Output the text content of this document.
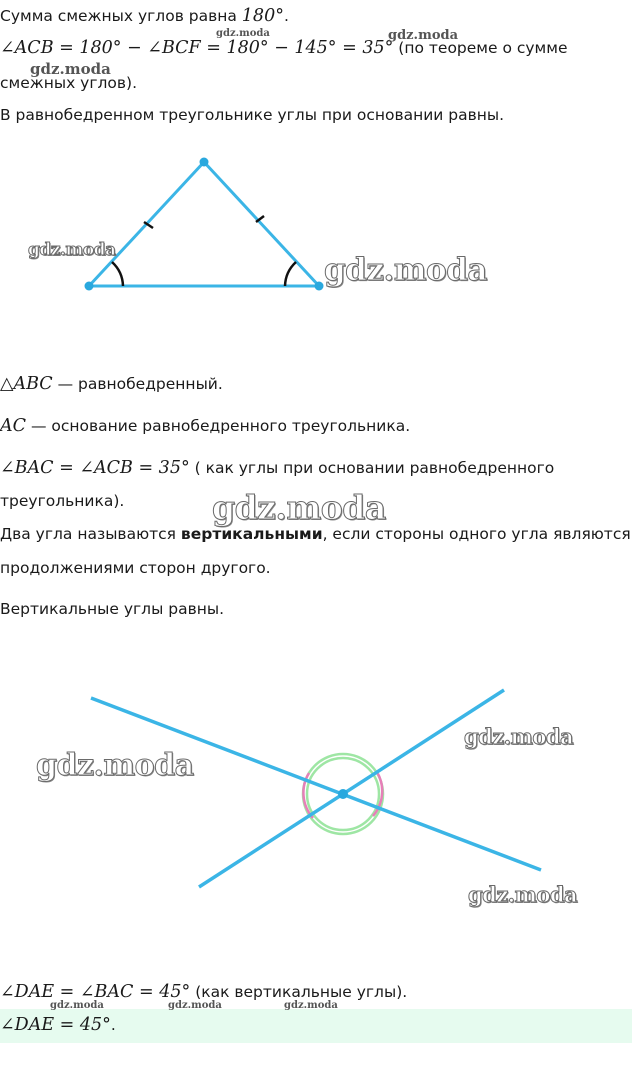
Сумма смежных углов равна 180°.
∠ACB = 180° − ∠BCF = 180° − 145° = 35° (по теореме о сумме
смежных углов).
В равнобедренном треугольнике углы при основании равны.
△ABC — равнобедренный.
AC — основание равнобедренного треугольника.
∠BAC = ∠ACB = 35° ( как углы при основании равнобедренного
треугольника).
Два угла называются вертикальными, если стороны одного угла являются
продолжениями сторон другого.
Вертикальные углы равны.
∠DAE = ∠BAC = 45° (как вертикальные углы).
∠DAE = 45°.
gdz.moda	gdz.moda
gdz.moda
gdz.moda
gdz.moda
gdz.moda
gdz.moda
gdz.moda
gdz.moda
gdz.moda	gdz.moda	gdz.moda
